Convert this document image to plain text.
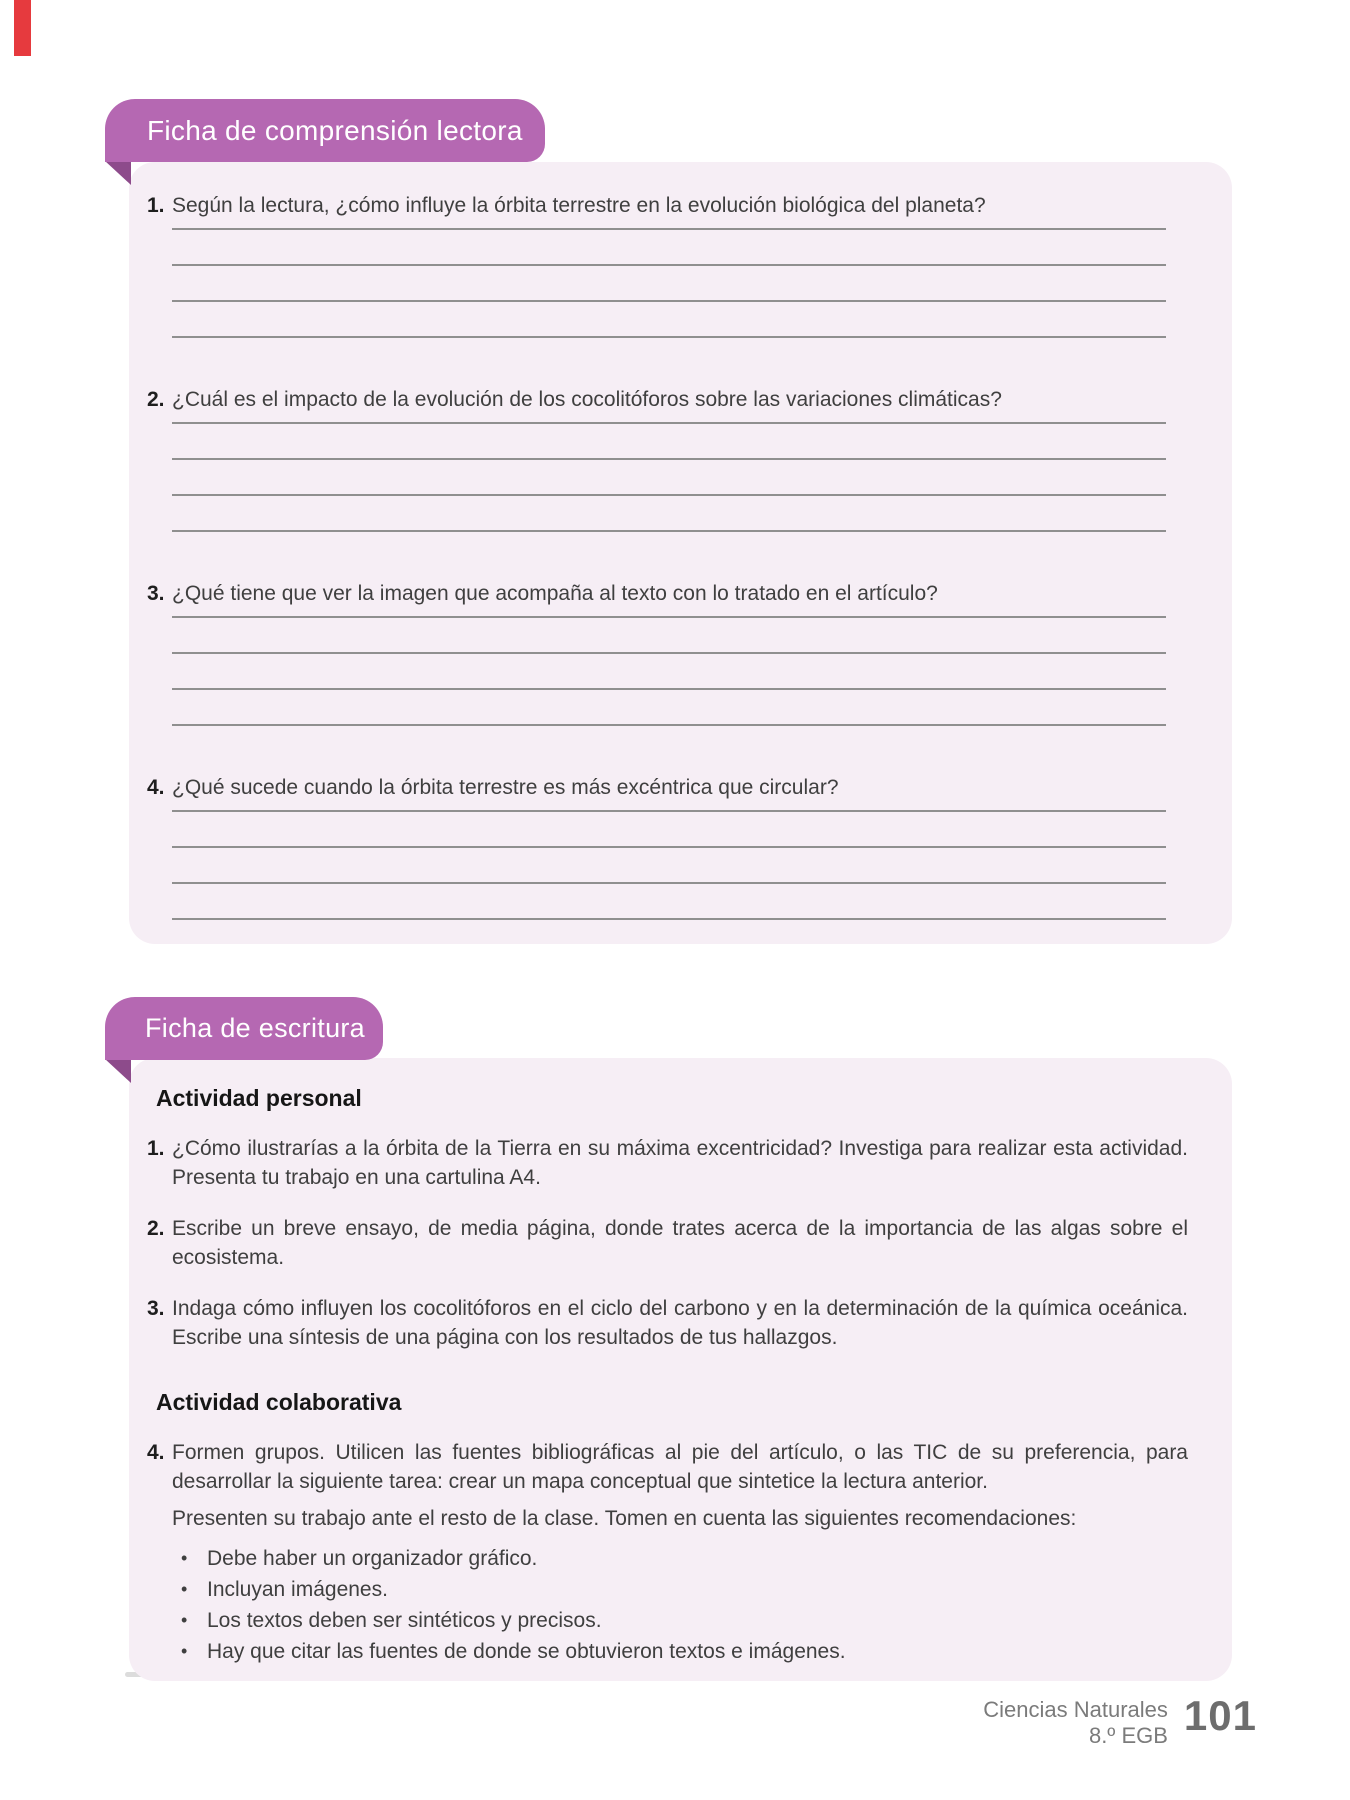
Ficha de comprensión lectora
1. Según la lectura, ¿cómo influye la órbita terrestre en la evolución biológica del planeta?
2. ¿Cuál es el impacto de la evolución de los cocolitóforos sobre las variaciones climáticas?
3. ¿Qué tiene que ver la imagen que acompaña al texto con lo tratado en el artículo?
4. ¿Qué sucede cuando la órbita terrestre es más excéntrica que circular?
Ficha de escritura
Actividad personal
1. ¿Cómo ilustrarías a la órbita de la Tierra en su máxima excentricidad? Investiga para realizar esta actividad. Presenta tu trabajo en una cartulina A4.
2. Escribe un breve ensayo, de media página, donde trates acerca de la importancia de las algas sobre el ecosistema.
3. Indaga cómo influyen los cocolitóforos en el ciclo del carbono y en la determinación de la química oceánica. Escribe una síntesis de una página con los resultados de tus hallazgos.
Actividad colaborativa
4. Formen grupos. Utilicen las fuentes bibliográficas al pie del artículo, o las TIC de su preferencia, para desarrollar la siguiente tarea: crear un mapa conceptual que sintetice la lectura anterior.
Presenten su trabajo ante el resto de la clase. Tomen en cuenta las siguientes recomendaciones:
• Debe haber un organizador gráfico.
• Incluyan imágenes.
• Los textos deben ser sintéticos y precisos.
• Hay que citar las fuentes de donde se obtuvieron textos e imágenes.
Ciencias Naturales
8.º EGB 101
